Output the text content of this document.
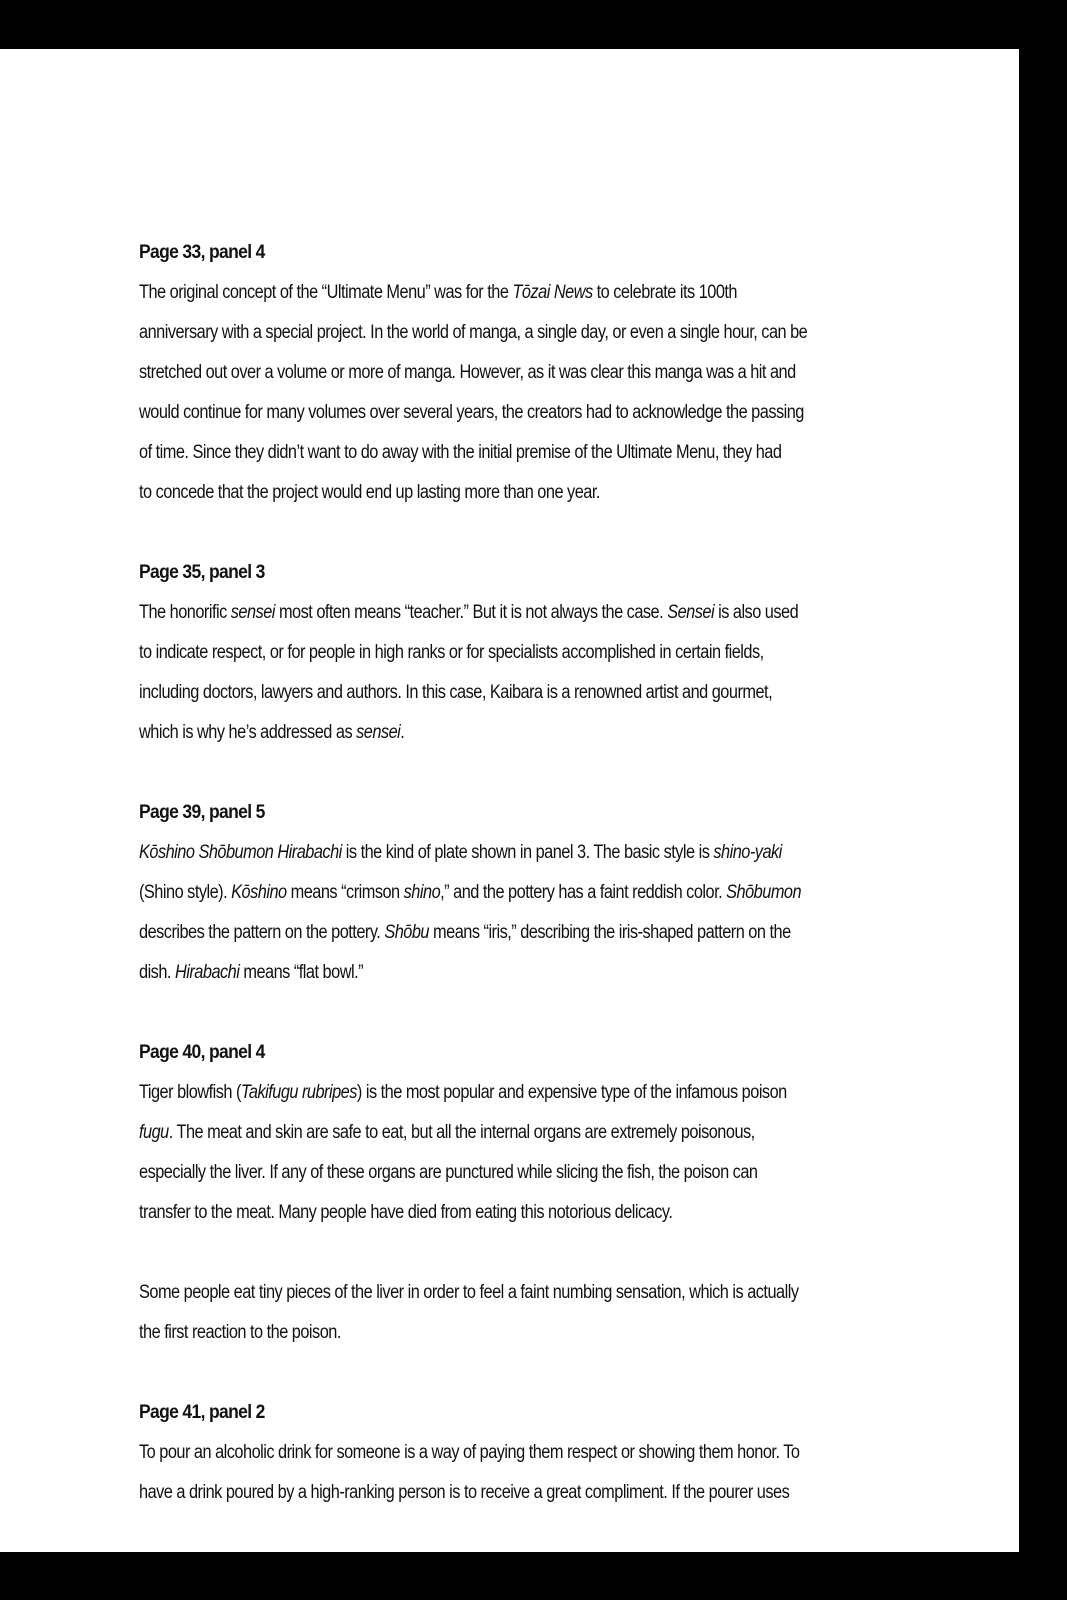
Page 33, panel 4

The original concept of the “Ultimate Menu” was for the Tōzai News to celebrate its 100th
anniversary with a special project. In the world of manga, a single day, or even a single hour, can be
stretched out over a volume or more of manga. However, as it was clear this manga was a hit and
would continue for many volumes over several years, the creators had to acknowledge the passing
of time. Since they didn’t want to do away with the initial premise of the Ultimate Menu, they had
to concede that the project would end up lasting more than one year.

Page 35, panel 3

The honorific sensei most often means “teacher.” But it is not always the case. Sensei is also used
to indicate respect, or for people in high ranks or for specialists accomplished in certain fields,
including doctors, lawyers and authors. In this case, Kaibara is a renowned artist and gourmet,
which is why he’s addressed as sensei.

Page 39, panel 5

Kōshino Shōbumon Hirabachi is the kind of plate shown in panel 3. The basic style is shino-yaki
(Shino style). Kōshino means “crimson shino,” and the pottery has a faint reddish color. Shōbumon
describes the pattern on the pottery. Shōbu means “iris,” describing the iris-shaped pattern on the
dish. Hirabachi means “flat bowl.”

Page 40, panel 4

Tiger blowfish (Takifugu rubripes) is the most popular and expensive type of the infamous poison
fugu. The meat and skin are safe to eat, but all the internal organs are extremely poisonous,
especially the liver. If any of these organs are punctured while slicing the fish, the poison can
transfer to the meat. Many people have died from eating this notorious delicacy.

Some people eat tiny pieces of the liver in order to feel a faint numbing sensation, which is actually
the first reaction to the poison.

Page 41, panel 2

To pour an alcoholic drink for someone is a way of paying them respect or showing them honor. To
have a drink poured by a high-ranking person is to receive a great compliment. If the pourer uses
